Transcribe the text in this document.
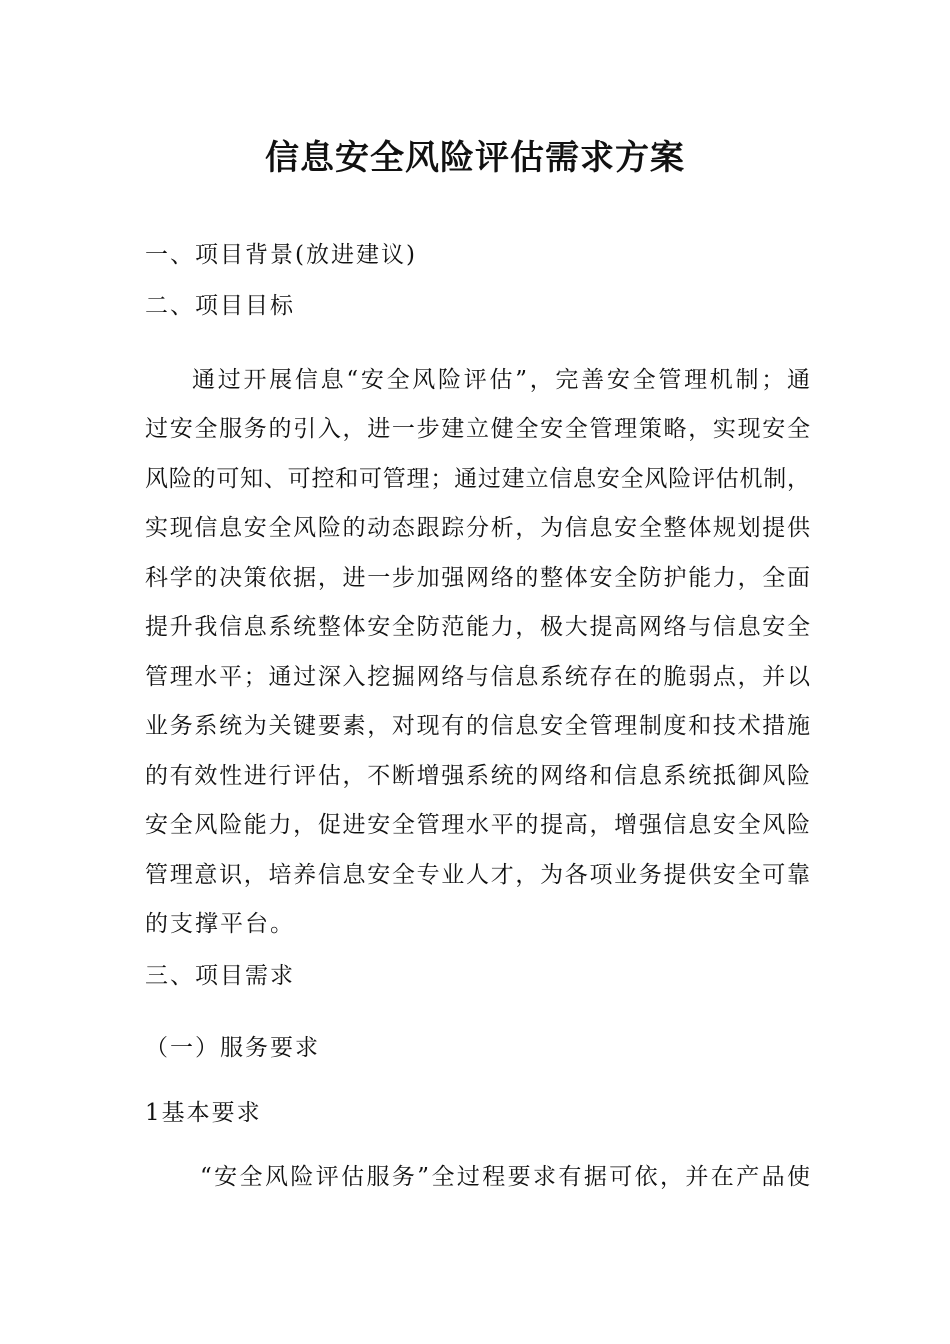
信息安全风险评估需求方案
一、项目背景(放进建议)
二、项目目标
通过开展信息“安全风险评估”，完善安全管理机制；通
过安全服务的引入，进一步建立健全安全管理策略，实现安全
风险的可知、可控和可管理；通过建立信息安全风险评估机制，
实现信息安全风险的动态跟踪分析，为信息安全整体规划提供
科学的决策依据，进一步加强网络的整体安全防护能力，全面
提升我信息系统整体安全防范能力，极大提高网络与信息安全
管理水平；通过深入挖掘网络与信息系统存在的脆弱点，并以
业务系统为关键要素，对现有的信息安全管理制度和技术措施
的有效性进行评估，不断增强系统的网络和信息系统抵御风险
安全风险能力，促进安全管理水平的提高，增强信息安全风险
管理意识，培养信息安全专业人才，为各项业务提供安全可靠
的支撑平台。
三、项目需求
（一）服务要求
1基本要求
“安全风险评估服务”全过程要求有据可依，并在产品使
